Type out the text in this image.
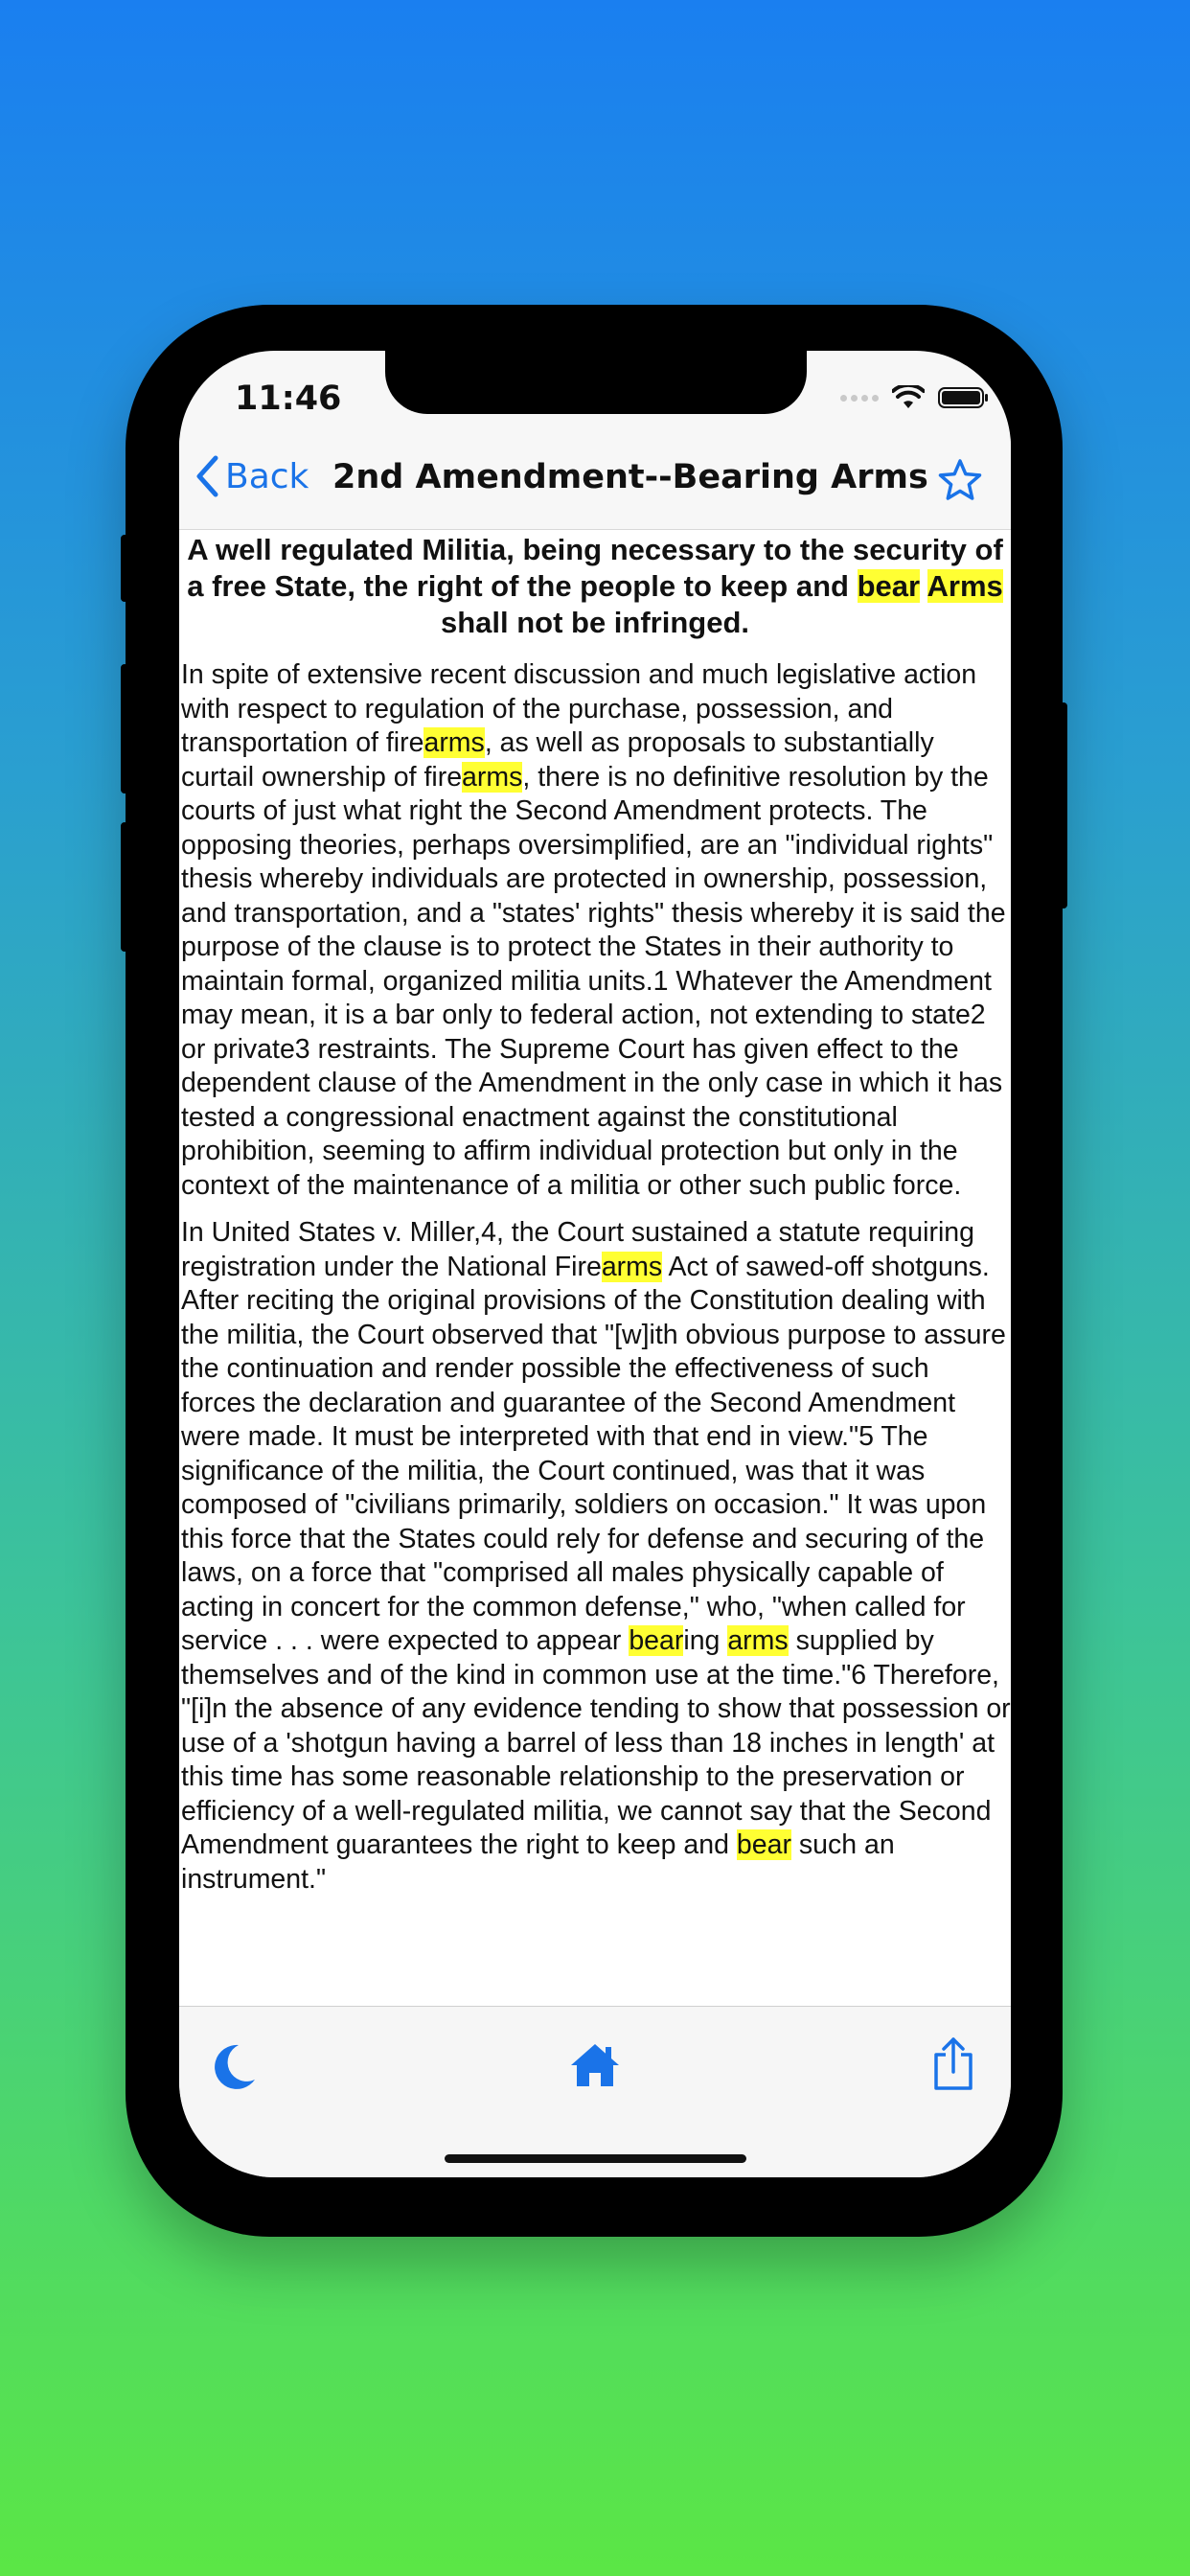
11:46
Back 2nd Amendment--Bearing Arms
A well regulated Militia, being necessary to the security of a free State, the right of the people to keep and bear Arms shall not be infringed.

In spite of extensive recent discussion and much legislative action with respect to regulation of the purchase, possession, and transportation of firearms, as well as proposals to substantially curtail ownership of firearms, there is no definitive resolution by the courts of just what right the Second Amendment protects. The opposing theories, perhaps oversimplified, are an "individual rights" thesis whereby individuals are protected in ownership, possession, and transportation, and a "states' rights" thesis whereby it is said the purpose of the clause is to protect the States in their authority to maintain formal, organized militia units.1 Whatever the Amendment may mean, it is a bar only to federal action, not extending to state2 or private3 restraints. The Supreme Court has given effect to the dependent clause of the Amendment in the only case in which it has tested a congressional enactment against the constitutional prohibition, seeming to affirm individual protection but only in the context of the maintenance of a militia or other such public force.

In United States v. Miller,4, the Court sustained a statute requiring registration under the National Firearms Act of sawed-off shotguns. After reciting the original provisions of the Constitution dealing with the militia, the Court observed that "[w]ith obvious purpose to assure the continuation and render possible the effectiveness of such forces the declaration and guarantee of the Second Amendment were made. It must be interpreted with that end in view."5 The significance of the militia, the Court continued, was that it was composed of "civilians primarily, soldiers on occasion." It was upon this force that the States could rely for defense and securing of the laws, on a force that "comprised all males physically capable of acting in concert for the common defense," who, "when called for service . . . were expected to appear bearing arms supplied by themselves and of the kind in common use at the time."6 Therefore, "[i]n the absence of any evidence tending to show that possession or use of a 'shotgun having a barrel of less than 18 inches in length' at this time has some reasonable relationship to the preservation or efficiency of a well-regulated militia, we cannot say that the Second Amendment guarantees the right to keep and bear such an instrument."
